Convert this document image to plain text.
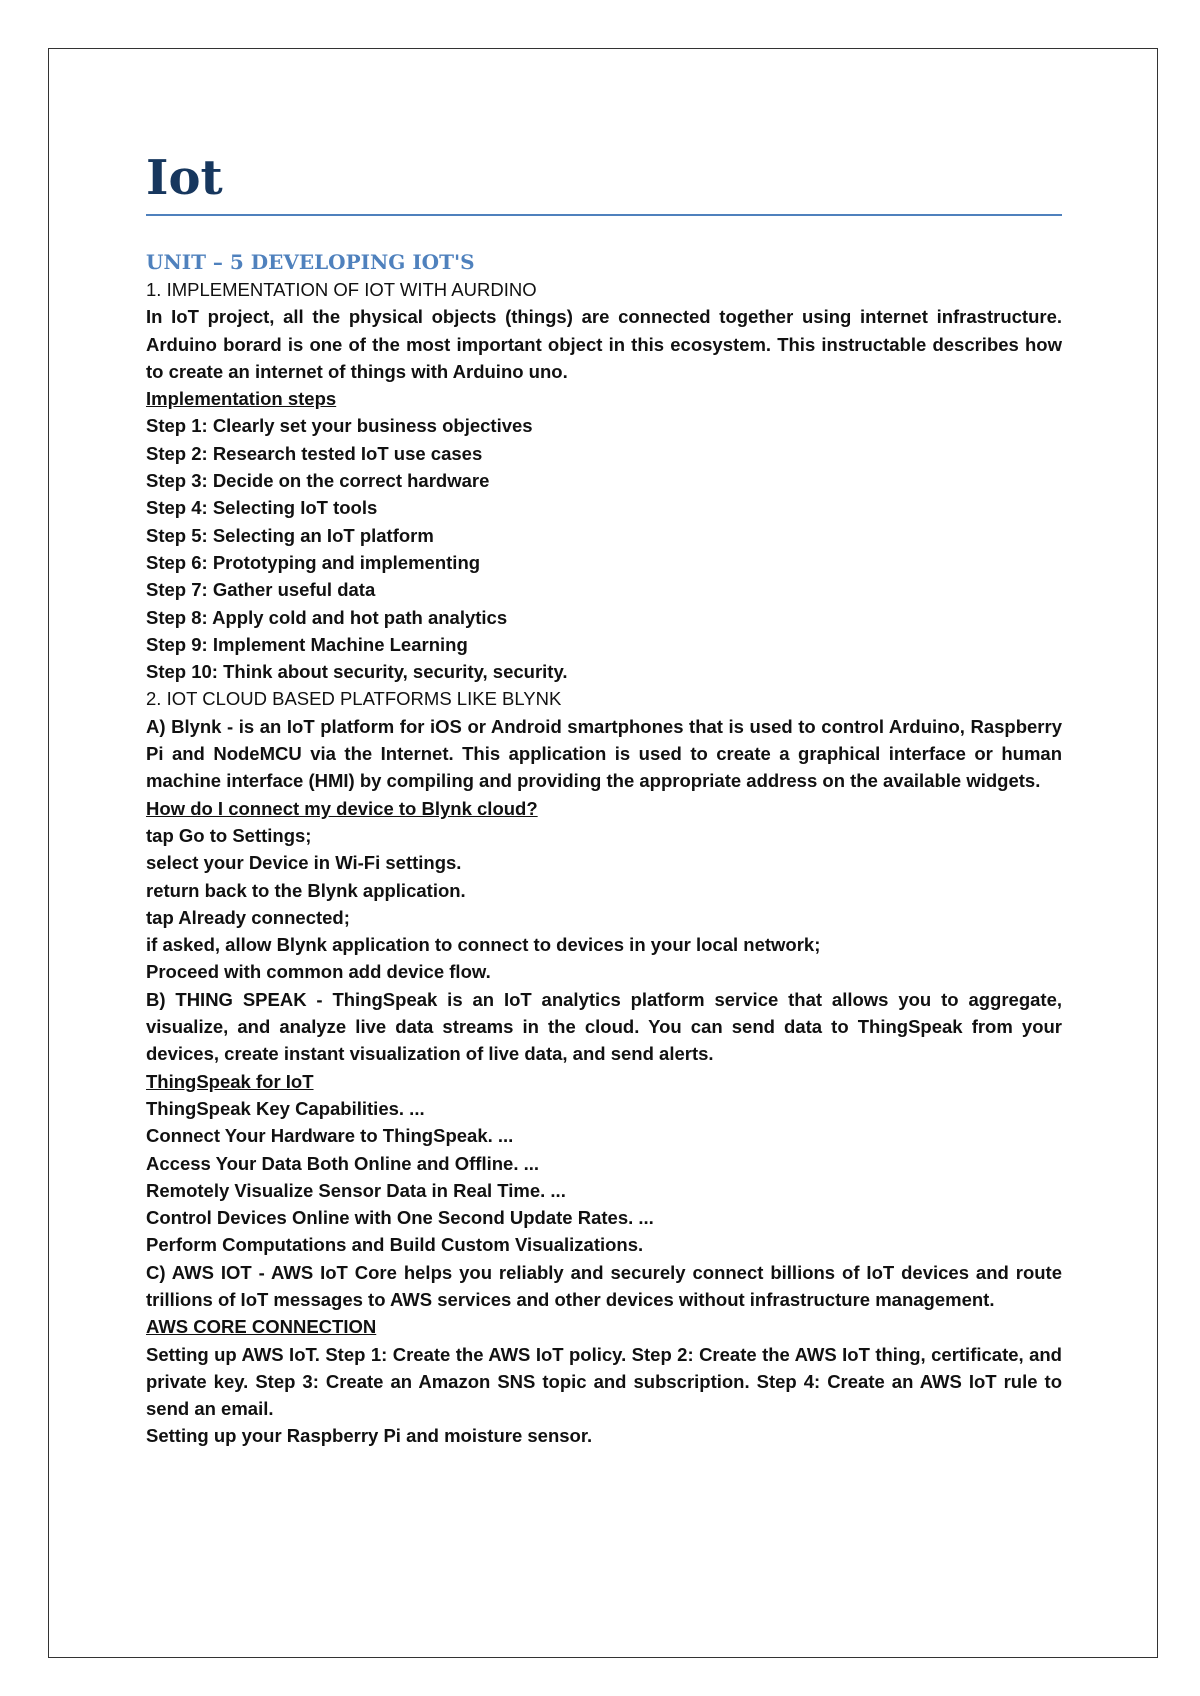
Iot
UNIT – 5 DEVELOPING IOT'S

1. IMPLEMENTATION OF IOT WITH AURDINO

In IoT project, all the physical objects (things) are connected together using internet infrastructure. Arduino borard is one of the most important object in this ecosystem. This instructable describes how to create an internet of things with Arduino uno.

Implementation steps

Step 1: Clearly set your business objectives

Step 2: Research tested IoT use cases

Step 3: Decide on the correct hardware

Step 4: Selecting IoT tools

Step 5: Selecting an IoT platform

Step 6: Prototyping and implementing

Step 7: Gather useful data

Step 8: Apply cold and hot path analytics

Step 9: Implement Machine Learning

Step 10: Think about security, security, security.

2. IOT CLOUD BASED PLATFORMS LIKE BLYNK

A) Blynk - is an IoT platform for iOS or Android smartphones that is used to control Arduino, Raspberry Pi and NodeMCU via the Internet. This application is used to create a graphical interface or human machine interface (HMI) by compiling and providing the appropriate address on the available widgets.

How do I connect my device to Blynk cloud?

tap Go to Settings;

select your Device in Wi-Fi settings.

return back to the Blynk application.

tap Already connected;

if asked, allow Blynk application to connect to devices in your local network;

Proceed with common add device flow.

B) THING SPEAK - ThingSpeak is an IoT analytics platform service that allows you to aggregate, visualize, and analyze live data streams in the cloud. You can send data to ThingSpeak from your devices, create instant visualization of live data, and send alerts.

ThingSpeak for IoT

ThingSpeak Key Capabilities. ...

Connect Your Hardware to ThingSpeak. ...

Access Your Data Both Online and Offline. ...

Remotely Visualize Sensor Data in Real Time. ...

Control Devices Online with One Second Update Rates. ...

Perform Computations and Build Custom Visualizations.

C) AWS IOT - AWS IoT Core helps you reliably and securely connect billions of IoT devices and route trillions of IoT messages to AWS services and other devices without infrastructure management.

AWS CORE CONNECTION

Setting up AWS IoT. Step 1: Create the AWS IoT policy. Step 2: Create the AWS IoT thing, certificate, and private key. Step 3: Create an Amazon SNS topic and subscription. Step 4: Create an AWS IoT rule to send an email.

Setting up your Raspberry Pi and moisture sensor.
